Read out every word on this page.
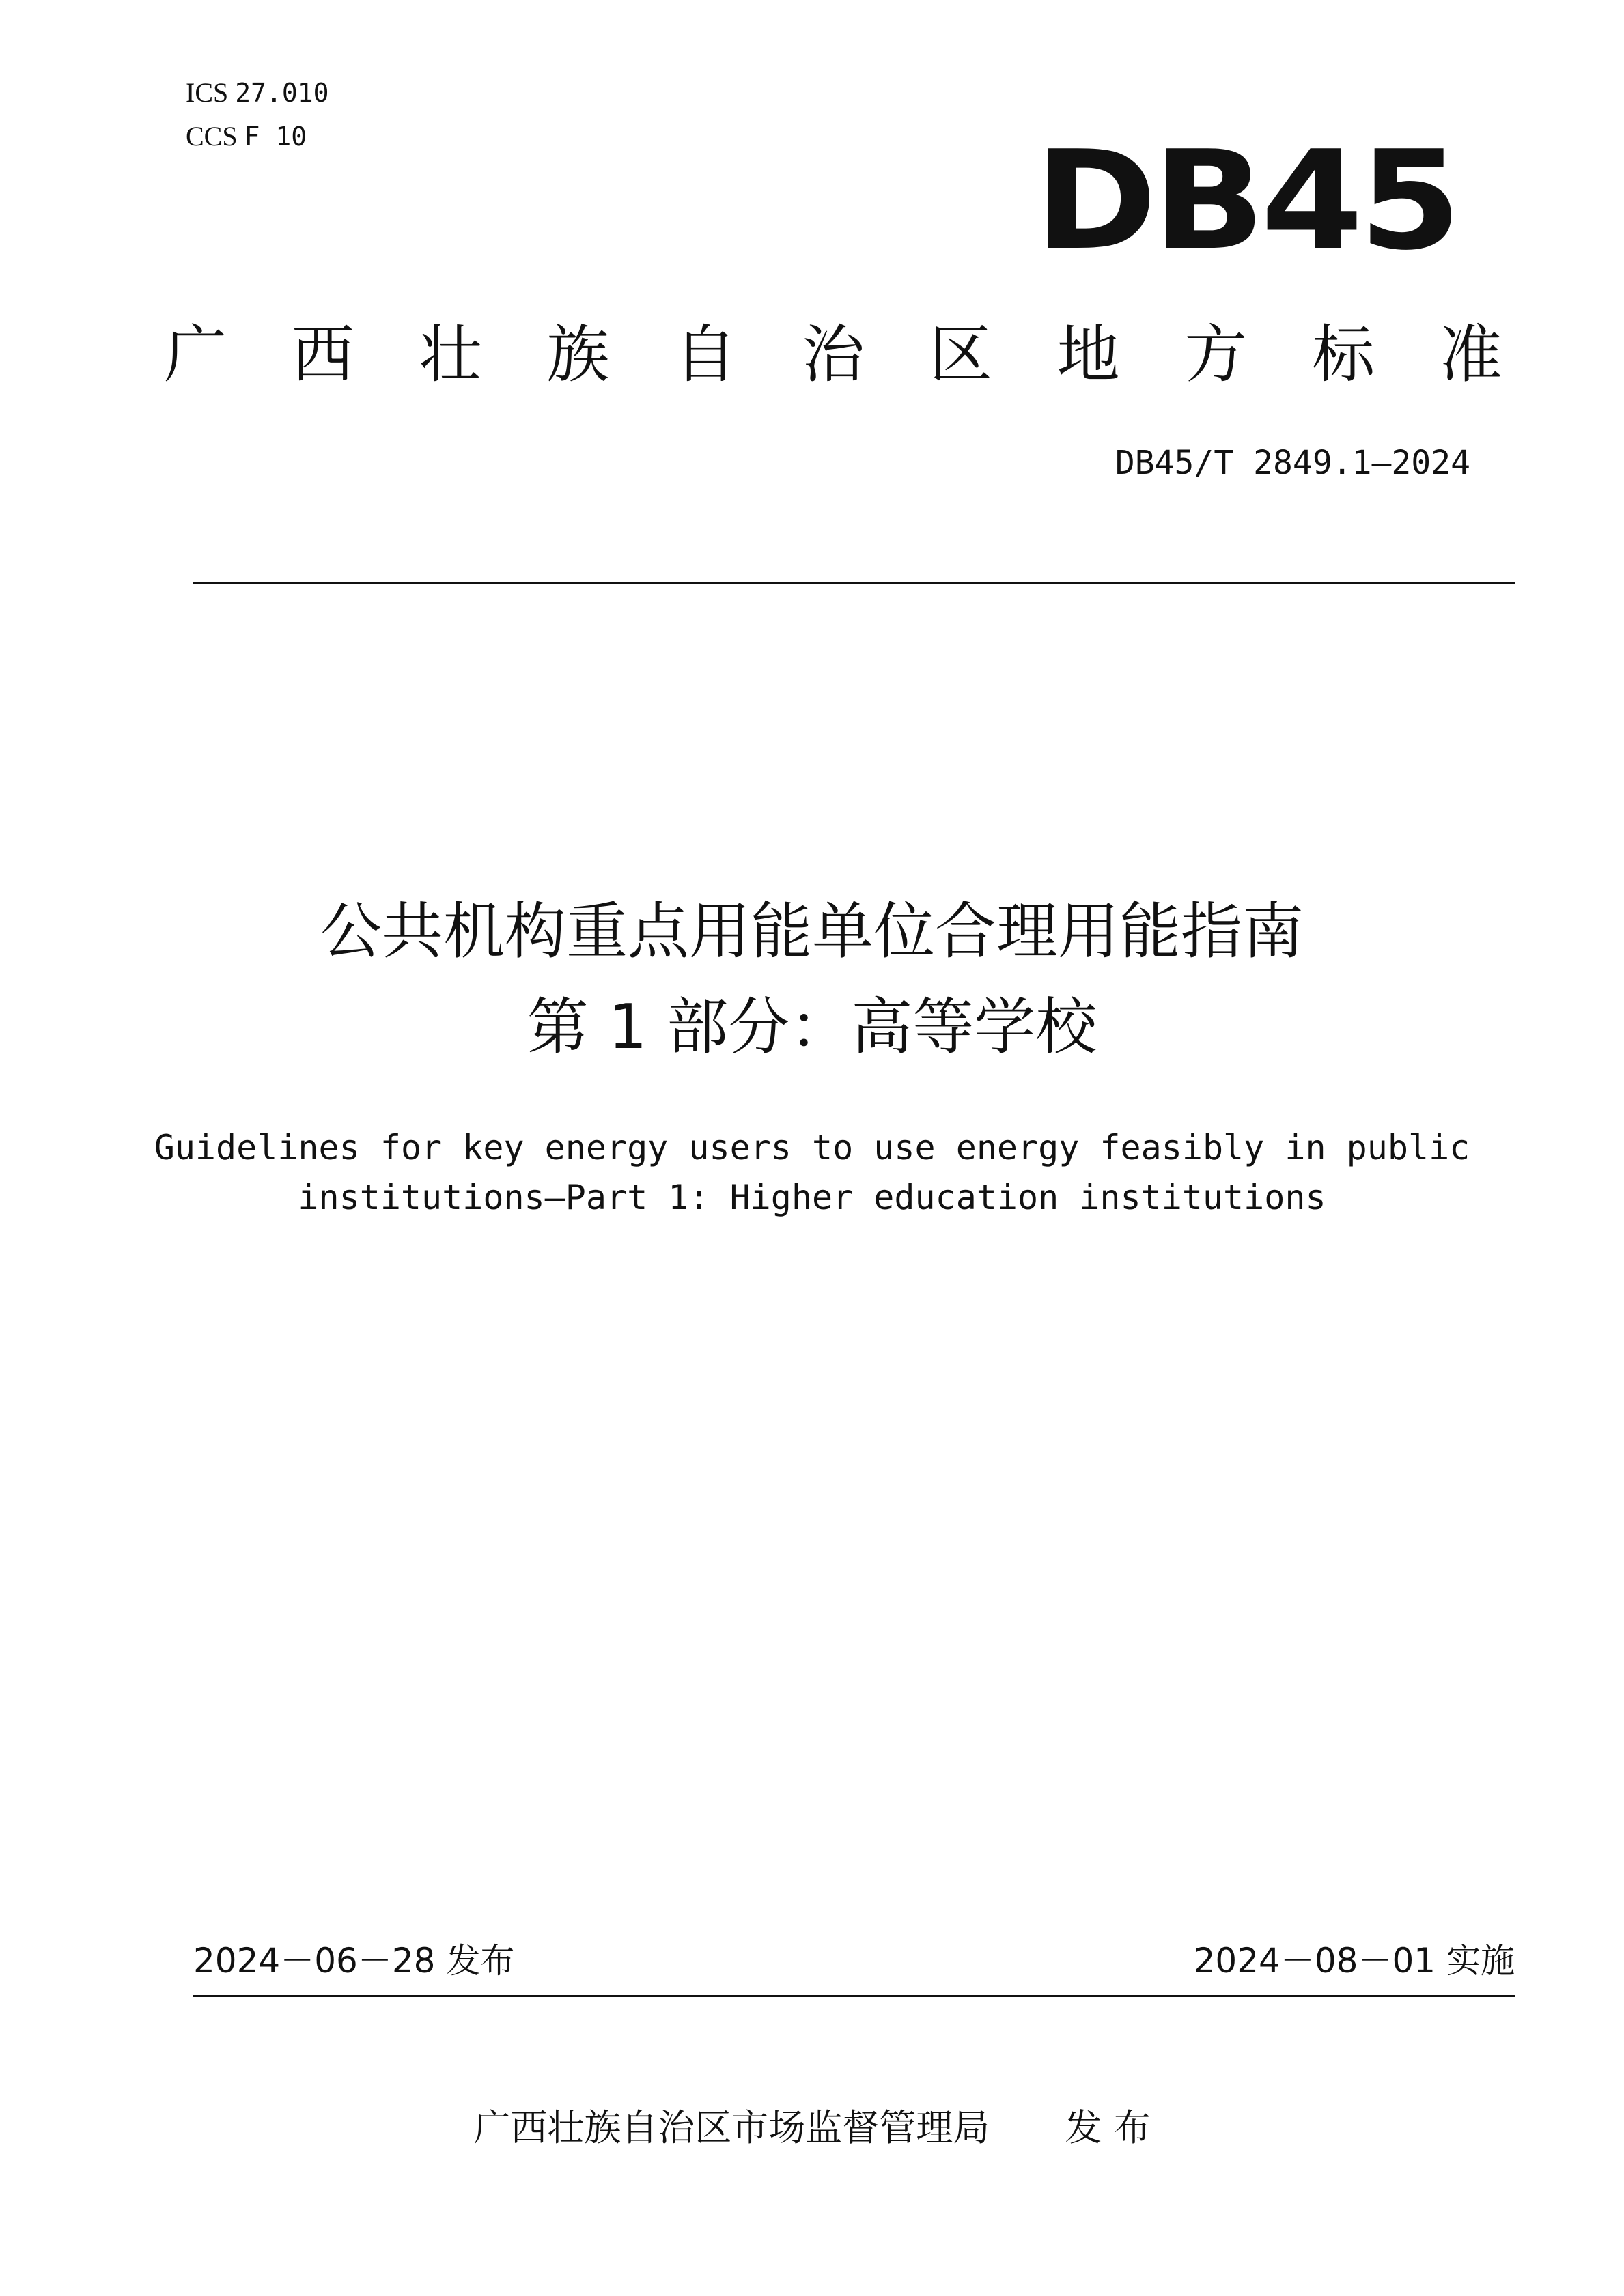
ICS 27.010
CCS F 10	DB45
广 西 壮 族 自 治 区 地 方 标 准
DB45/T 2849.1—2024
公共机构重点用能单位合理用能指南
第 1 部分：高等学校
Guidelines for key energy users to use energy feasibly in public
institutions—Part 1: Higher education institutions
2024－06－28 发布	2024－08－01 实施
广西壮族自治区市场监督管理局 发 布
